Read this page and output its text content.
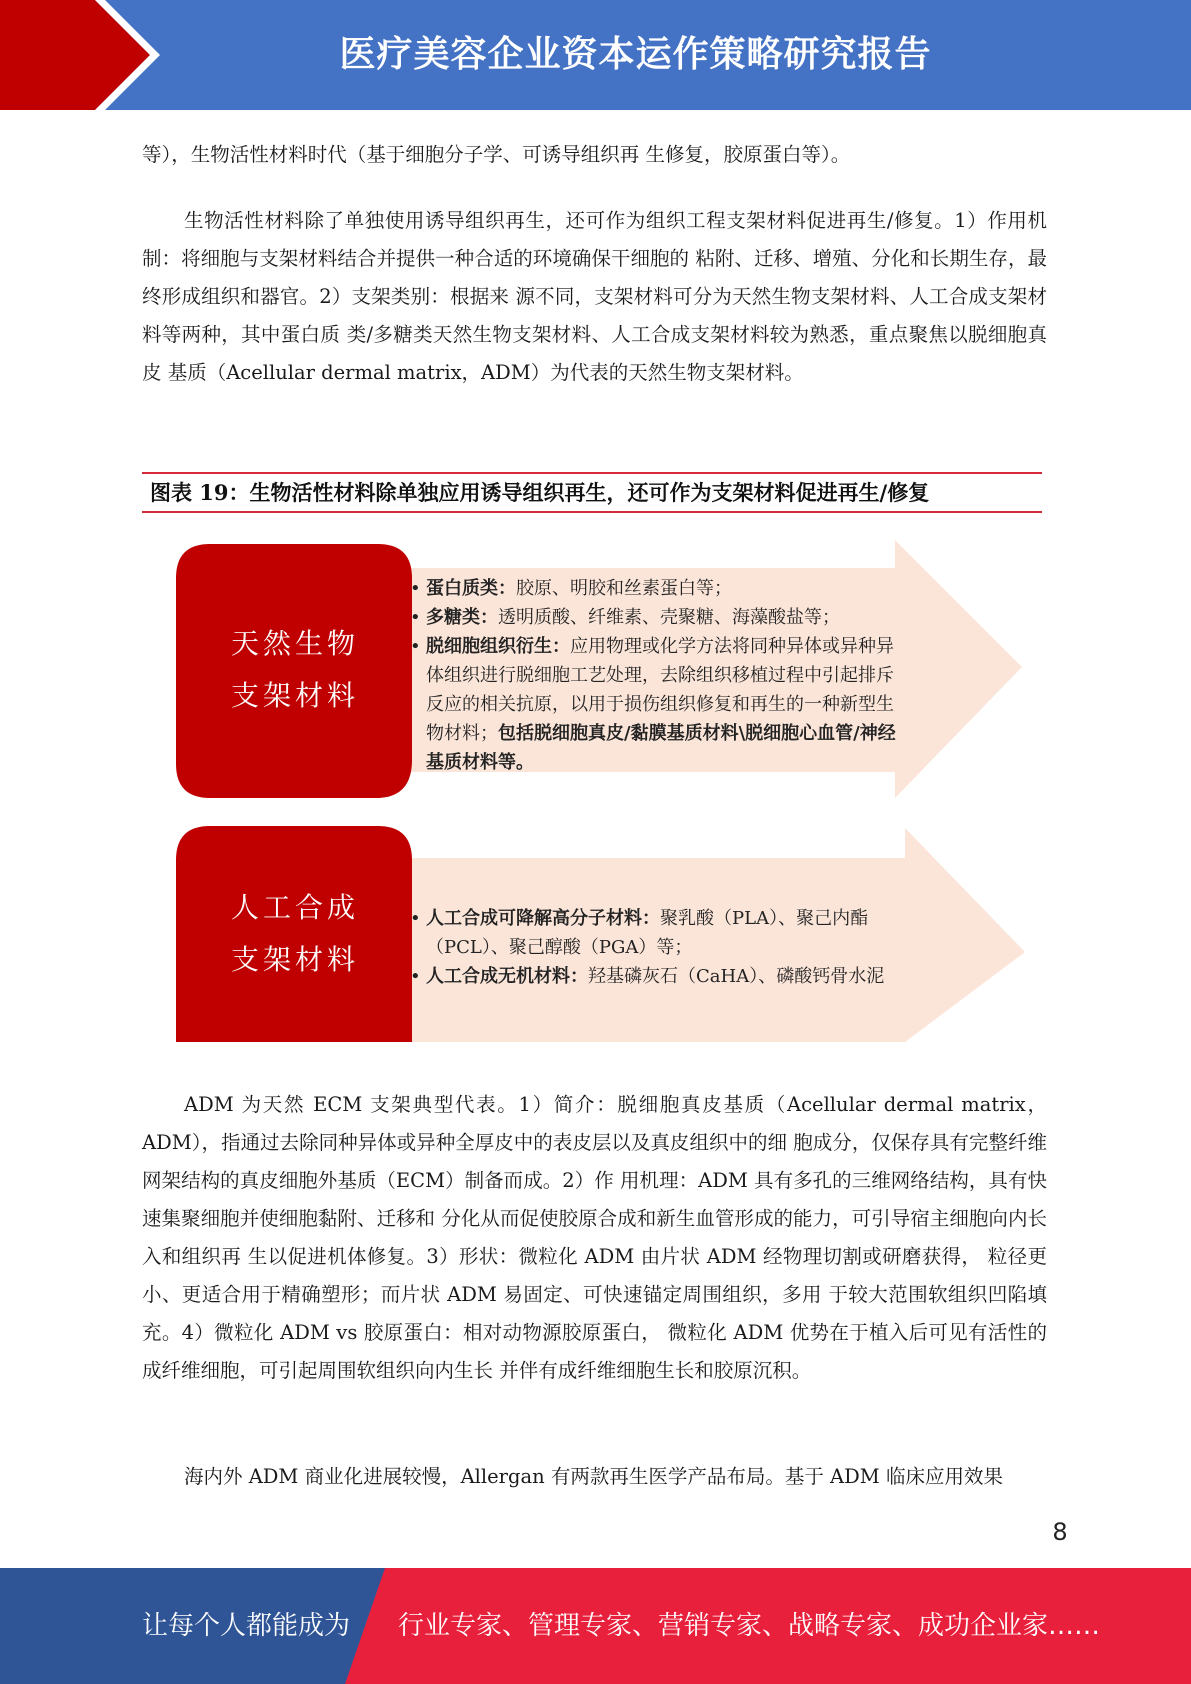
医疗美容企业资本运作策略研究报告

等），生物活性材料时代（基于细胞分子学、可诱导组织再 生修复，胶原蛋白等）。

生物活性材料除了单独使用诱导组织再生，还可作为组织工程支架材料促进再生/修复。1）作用机制：将细胞与支架材料结合并提供一种合适的环境确保干细胞的 粘附、迁移、增殖、分化和长期生存，最终形成组织和器官。2）支架类别：根据来 源不同，支架材料可分为天然生物支架材料、人工合成支架材料等两种，其中蛋白质 类/多糖类天然生物支架材料、人工合成支架材料较为熟悉，重点聚焦以脱细胞真皮 基质（Acellular dermal matrix，ADM）为代表的天然生物支架材料。

图表 19：生物活性材料除单独应用诱导组织再生，还可作为支架材料促进再生/修复
天然生物
支架材料
• 蛋白质类：胶原、明胶和丝素蛋白等；
• 多糖类：透明质酸、纤维素、壳聚糖、海藻酸盐等；
• 脱细胞组织衍生：应用物理或化学方法将同种异体或异种异体组织进行脱细胞工艺处理，去除组织移植过程中引起排斥反应的相关抗原，以用于损伤组织修复和再生的一种新型生物材料；包括脱细胞真皮/黏膜基质材料\脱细胞心血管/神经基质材料等。
人工合成
支架材料
• 人工合成可降解高分子材料：聚乳酸（PLA）、聚己内酯（PCL）、聚己醇酸（PGA）等；
• 人工合成无机材料：羟基磷灰石（CaHA）、磷酸钙骨水泥

ADM 为天然 ECM 支架典型代表。1）简介：脱细胞真皮基质（Acellular dermal matrix，ADM），指通过去除同种异体或异种全厚皮中的表皮层以及真皮组织中的细 胞成分，仅保存具有完整纤维网架结构的真皮细胞外基质（ECM）制备而成。2）作 用机理：ADM 具有多孔的三维网络结构，具有快速集聚细胞并使细胞黏附、迁移和 分化从而促使胶原合成和新生血管形成的能力，可引导宿主细胞向内长入和组织再 生以促进机体修复。3）形状：微粒化 ADM 由片状 ADM 经物理切割或研磨获得， 粒径更小、更适合用于精确塑形；而片状 ADM 易固定、可快速锚定周围组织，多用 于较大范围软组织凹陷填充。4）微粒化 ADM vs 胶原蛋白：相对动物源胶原蛋白， 微粒化 ADM 优势在于植入后可见有活性的成纤维细胞，可引起周围软组织向内生长 并伴有成纤维细胞生长和胶原沉积。

海内外 ADM 商业化进展较慢，Allergan 有两款再生医学产品布局。基于 ADM 临床应用效果

8
让每个人都能成为 行业专家、管理专家、营销专家、战略专家、成功企业家……
